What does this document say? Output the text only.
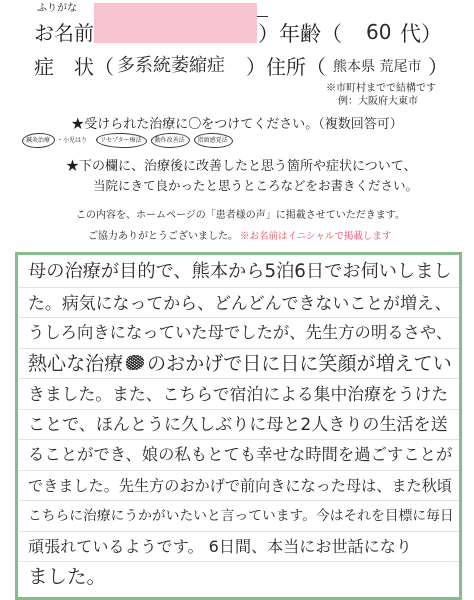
ふりがな
お名前	）年齢（ 60 代）
症　状（ 多系統萎縮症 ）住所（ 熊本県 荒尾市 ）
※市町村までで結構です
例：大阪府大東市
★受けられた治療に〇をつけてください。（複数回答可）
・ 鍼灸治療 ・ 小児はり ・ リセプター療法 ・ 動作改善法 ・ 指頭感覚法
★下の欄に、治療後に改善したと思う箇所や症状について、
当院にきて良かったと思うところなどをお書きください。
この内容を、ホームページの「患者様の声」に掲載させていただきます。
ご協力ありがとうございました。 ※お名前はイニシャルで掲載します
母の治療が目的で、熊本から5泊6日でお伺いしまし
た。病気になってから、どんどんできないことが増え、
うしろ向きになっていた母でしたが、先生方の明るさや、
熱心な治療 のおかげで日に日に笑顔が増えてい
きました。また、こちらで宿泊による集中治療をうけた
ことで、ほんとうに久しぶりに母と2人きりの生活を送
ることができ、娘の私もとても幸せな時間を過ごすことが
できました。先生方のおかげで前向きになった母は、また秋頃
こちらに治療にうかがいたいと言っています。今はそれを目標に毎日
頑張れているようです。 6日間、本当にお世話になり
ました。
